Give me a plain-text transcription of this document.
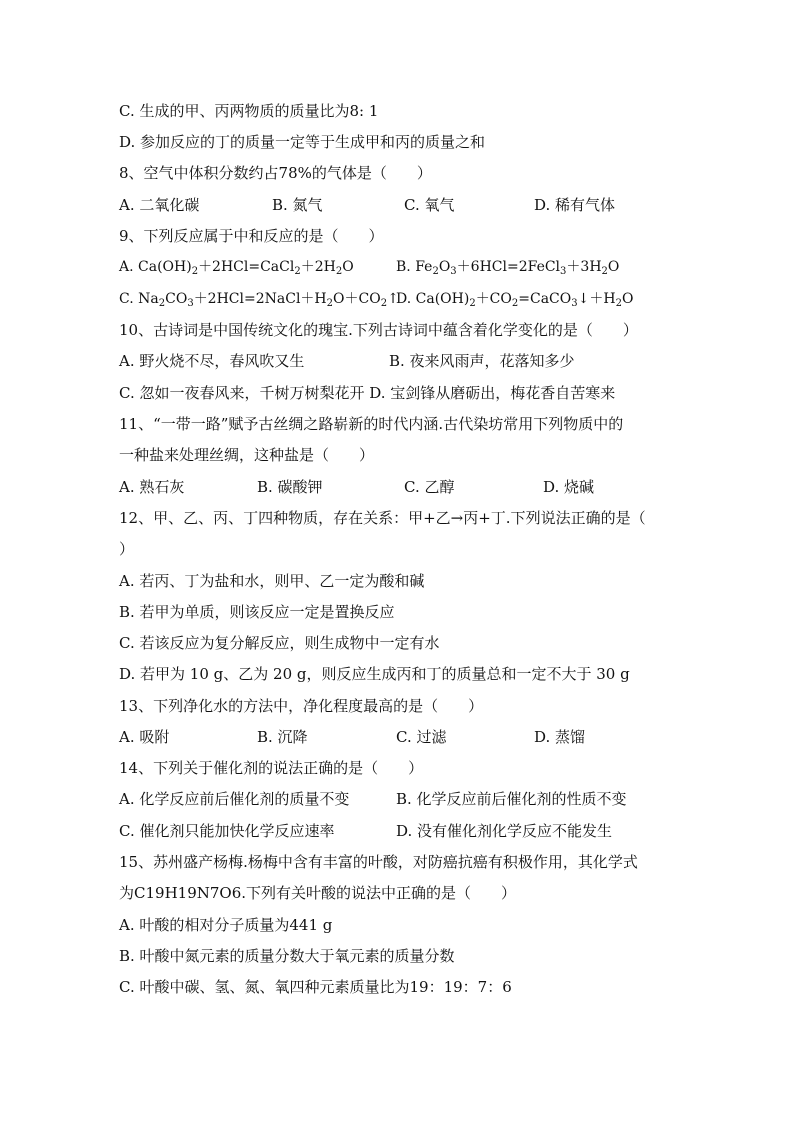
C. 生成的甲、丙两物质的质量比为8: 1
D. 参加反应的丁的质量一定等于生成甲和丙的质量之和
8、空气中体积分数约占78%的气体是（　　）
A. 二氧化碳	B. 氮气	C. 氧气	D. 稀有气体
9、下列反应属于中和反应的是（　　）
A. $Ca(OH)_2+2HCl=CaCl_2+2H_2O$	B. $Fe_2O_3+6HCl=2FeCl_3+3H_2O$
C. $Na_2CO_3+2HCl=2NaCl+H_2O+CO_2↑$
D. $Ca(OH)_2+CO_2=CaCO_3↓+H_2O$
10、古诗词是中国传统文化的瑰宝.下列古诗词中蕴含着化学变化的是（　　）
A. 野火烧不尽，春风吹又生	B. 夜来风雨声，花落知多少
C. 忽如一夜春风来，千树万树梨花开 D. 宝剑锋从磨砺出，梅花香自苦寒来
11、“一带一路”赋予古丝绸之路崭新的时代内涵.古代染坊常用下列物质中的
一种盐来处理丝绸，这种盐是（　　）
A. 熟石灰	B. 碳酸钾	C. 乙醇	D. 烧碱
12、甲、乙、丙、丁四种物质，存在关系：甲+乙→丙+丁.下列说法正确的是（
）
A. 若丙、丁为盐和水，则甲、乙一定为酸和碱
B. 若甲为单质，则该反应一定是置换反应
C. 若该反应为复分解反应，则生成物中一定有水
D. 若甲为 10 g、乙为 20 g，则反应生成丙和丁的质量总和一定不大于 30 g
13、下列净化水的方法中，净化程度最高的是（　　）
A. 吸附	B. 沉降	C. 过滤	D. 蒸馏
14、下列关于催化剂的说法正确的是（　　）
A. 化学反应前后催化剂的质量不变	B. 化学反应前后催化剂的性质不变
C. 催化剂只能加快化学反应速率	D. 没有催化剂化学反应不能发生
15、苏州盛产杨梅.杨梅中含有丰富的叶酸，对防癌抗癌有积极作用，其化学式
为C19H19N7O6.下列有关叶酸的说法中正确的是（　　）
A. 叶酸的相对分子质量为441 g
B. 叶酸中氮元素的质量分数大于氧元素的质量分数
C. 叶酸中碳、氢、氮、氧四种元素质量比为19：19：7：6
